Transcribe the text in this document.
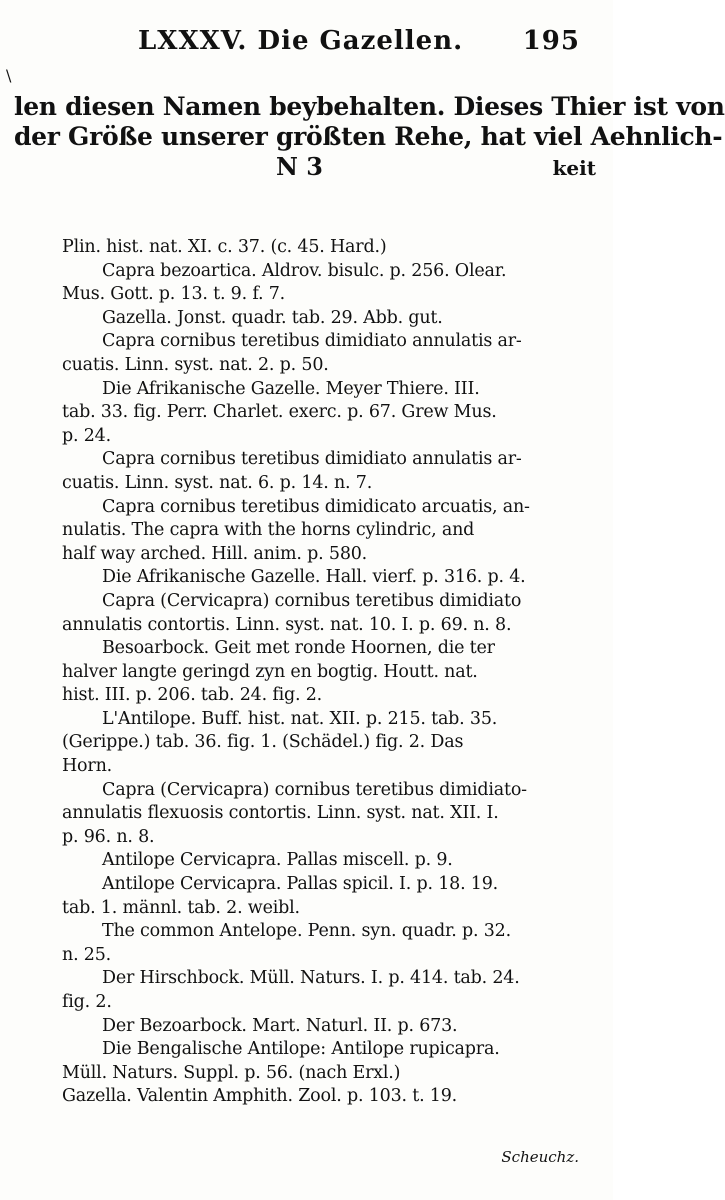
LXXXV. Die Gazellen. 195
\
len diesen Namen beybehalten. Dieses Thier ist von
der Größe unserer größten Rehe, hat viel Aehnlich-
N 3	keit
Plin. hist. nat. XI. c. 37. (c. 45. Hard.)
Capra bezoartica. Aldrov. bisulc. p. 256. Olear.
Mus. Gott. p. 13. t. 9. f. 7.
Gazella. Jonst. quadr. tab. 29. Abb. gut.
Capra cornibus teretibus dimidiato annulatis ar-
cuatis. Linn. syst. nat. 2. p. 50.
Die Afrikanische Gazelle. Meyer Thiere. III.
tab. 33. fig. Perr. Charlet. exerc. p. 67. Grew Mus.
p. 24.
Capra cornibus teretibus dimidiato annulatis ar-
cuatis. Linn. syst. nat. 6. p. 14. n. 7.
Capra cornibus teretibus dimidicato arcuatis, an-
nulatis. The capra with the horns cylindric, and
half way arched. Hill. anim. p. 580.
Die Afrikanische Gazelle. Hall. vierf. p. 316. p. 4.
Capra (Cervicapra) cornibus teretibus dimidiato
annulatis contortis. Linn. syst. nat. 10. I. p. 69. n. 8.
Besoarbock. Geit met ronde Hoornen, die ter
halver langte geringd zyn en bogtig. Houtt. nat.
hist. III. p. 206. tab. 24. fig. 2.
L'Antilope. Buff. hist. nat. XII. p. 215. tab. 35.
(Gerippe.) tab. 36. fig. 1. (Schädel.) fig. 2. Das
Horn.
Capra (Cervicapra) cornibus teretibus dimidiato-
annulatis flexuosis contortis. Linn. syst. nat. XII. I.
p. 96. n. 8.
Antilope Cervicapra. Pallas miscell. p. 9.
Antilope Cervicapra. Pallas spicil. I. p. 18. 19.
tab. 1. männl. tab. 2. weibl.
The common Antelope. Penn. syn. quadr. p. 32.
n. 25.
Der Hirschbock. Müll. Naturs. I. p. 414. tab. 24.
fig. 2.
Der Bezoarbock. Mart. Naturl. II. p. 673.
Die Bengalische Antilope: Antilope rupicapra.
Müll. Naturs. Suppl. p. 56. (nach Erxl.)
Gazella. Valentin Amphith. Zool. p. 103. t. 19.
Scheuchz.
